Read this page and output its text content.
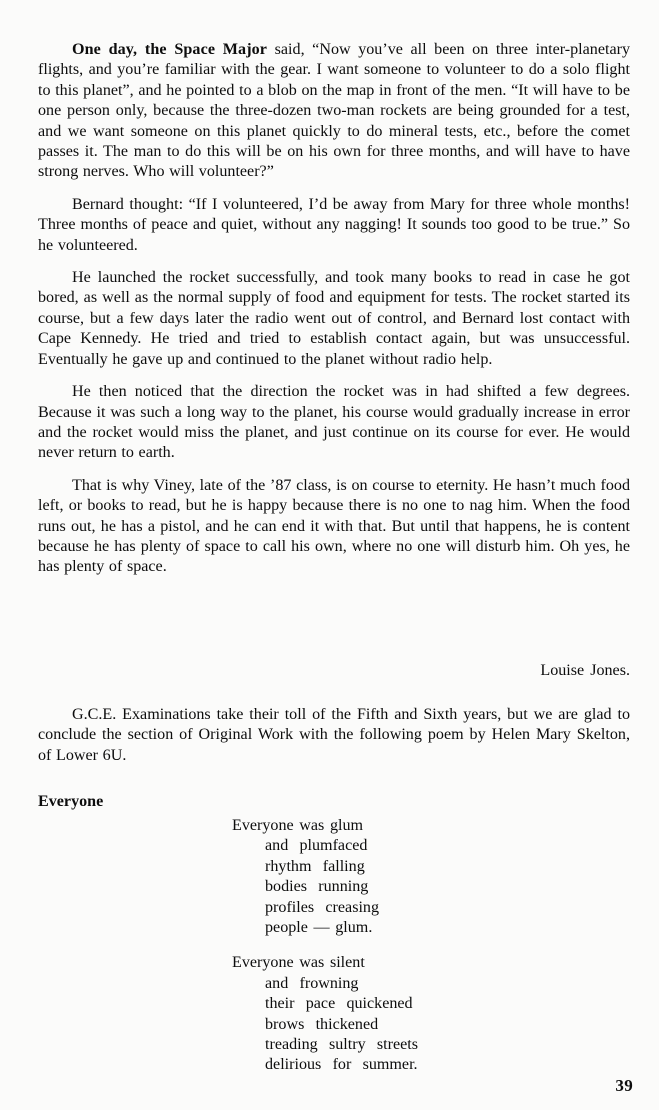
One day, the Space Major said, “Now you’ve all been on three inter-planetary flights, and you’re familiar with the gear. I want someone to volunteer to do a solo flight to this planet”, and he pointed to a blob on the map in front of the men. “It will have to be one person only, because the three-dozen two-man rockets are being grounded for a test, and we want someone on this planet quickly to do mineral tests, etc., before the comet passes it. The man to do this will be on his own for three months, and will have to have strong nerves. Who will volunteer?”

Bernard thought: “If I volunteered, I’d be away from Mary for three whole months! Three months of peace and quiet, without any nagging! It sounds too good to be true.” So he volunteered.

He launched the rocket successfully, and took many books to read in case he got bored, as well as the normal supply of food and equipment for tests. The rocket started its course, but a few days later the radio went out of control, and Bernard lost contact with Cape Kennedy. He tried and tried to establish contact again, but was unsuccessful. Eventually he gave up and continued to the planet without radio help.

He then noticed that the direction the rocket was in had shifted a few degrees. Because it was such a long way to the planet, his course would gradually increase in error and the rocket would miss the planet, and just continue on its course for ever. He would never return to earth.

That is why Viney, late of the ’87 class, is on course to eternity. He hasn’t much food left, or books to read, but he is happy because there is no one to nag him. When the food runs out, he has a pistol, and he can end it with that. But until that happens, he is content because he has plenty of space to call his own, where no one will disturb him. Oh yes, he has plenty of space.

Louise Jones.

G.C.E. Examinations take their toll of the Fifth and Sixth years, but we are glad to conclude the section of Original Work with the following poem by Helen Mary Skelton, of Lower 6U.

Everyone
Everyone was glum
and  plumfaced
rhythm  falling
bodies  running
profiles  creasing
people — glum.
Everyone was silent
and  frowning
their  pace  quickened
brows  thickened
treading  sultry  streets
delirious  for  summer.
39
